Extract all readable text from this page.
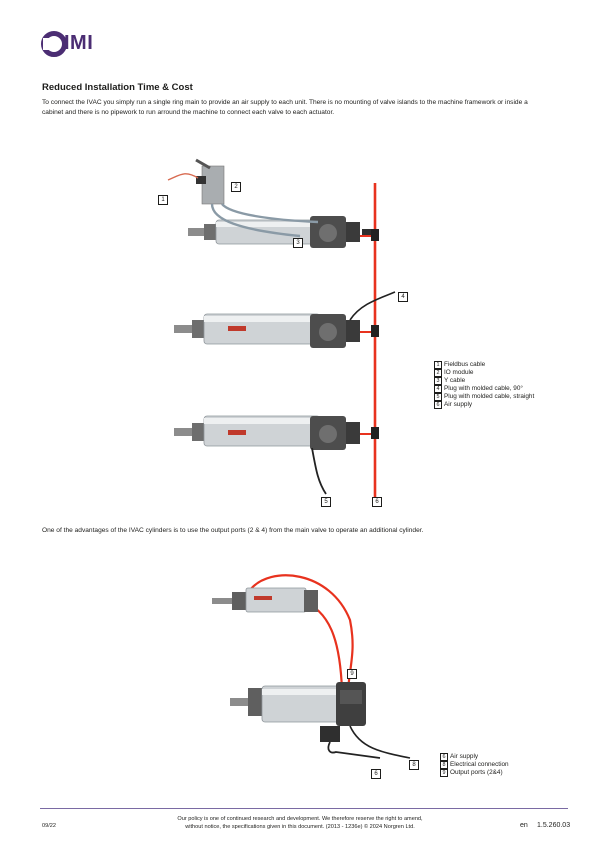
IMI
Reduced Installation Time & Cost
To connect the IVAC you simply run a single ring main to provide an air supply to each unit. There is no mounting of valve islands to the machine framework or inside a cabinet and there is no pipework to run arround the machine to connect each valve to each actuator.
1
2
3
4
5	6
1 Fieldbus cable
2 IO module
3 Y cable
4 Plug with molded cable, 90°
5 Plug with molded cable, straight
6 Air supply
One of the advantages of the IVAC cylinders is to use the output ports (2 & 4) from the main valve to operate an additional cylinder.
9
8
6
6 Air supply
8 Electrical connection
9 Output ports (2&4)
09/22
Our policy is one of continued research and development. We therefore reserve the right to amend,
without notice, the specifications given in this document. (2013 - 1236e) © 2024 Norgren Ltd.	en 1.5.260.03
